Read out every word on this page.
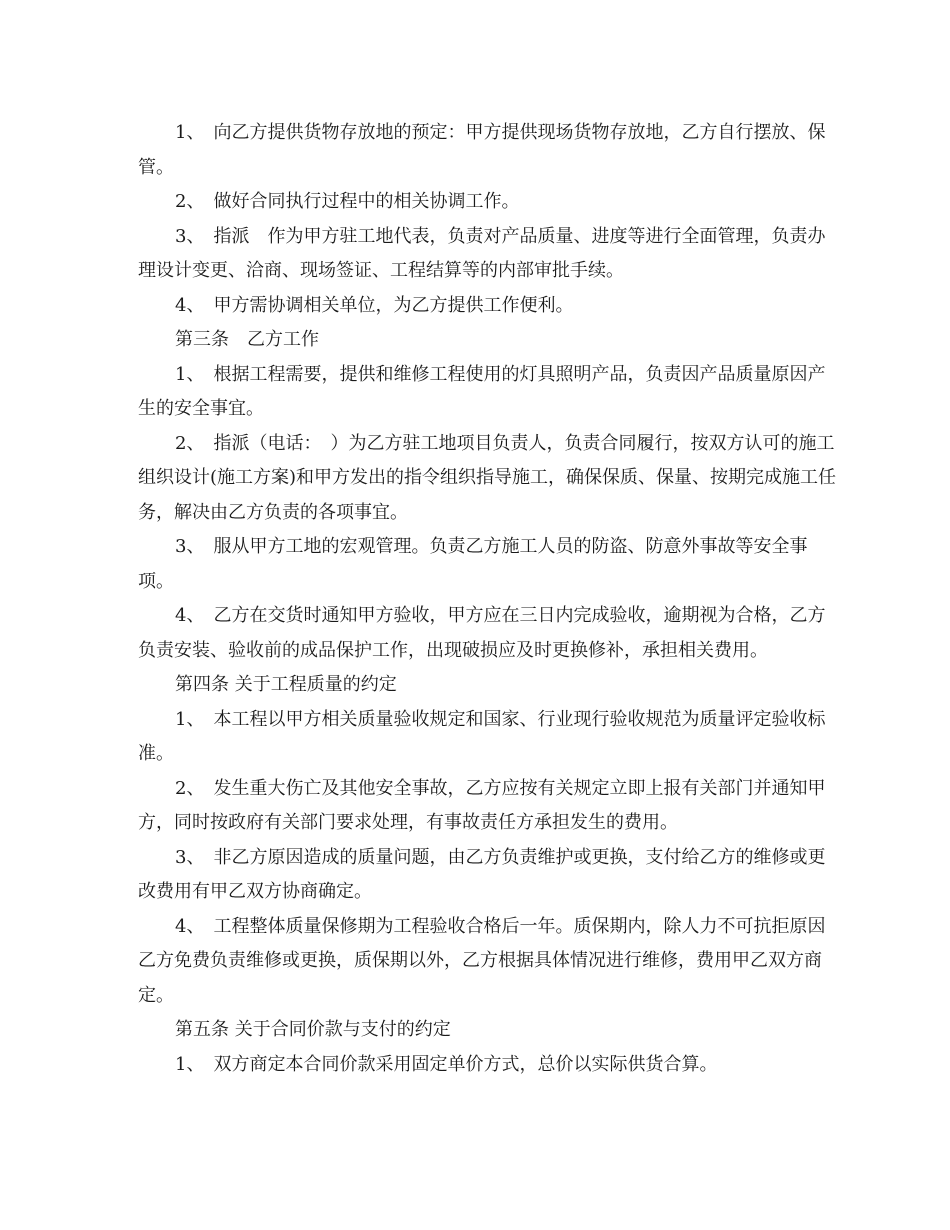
1、　向乙方提供货物存放地的预定：甲方提供现场货物存放地，乙方自行摆放、保管。

2、　做好合同执行过程中的相关协调工作。

3、　指派　作为甲方驻工地代表，负责对产品质量、进度等进行全面管理，负责办理设计变更、洽商、现场签证、工程结算等的内部审批手续。

4、　甲方需协调相关单位，为乙方提供工作便利。

第三条　乙方工作

1、　根据工程需要，提供和维修工程使用的灯具照明产品，负责因产品质量原因产生的安全事宜。

2、　指派（电话：　）为乙方驻工地项目负责人，负责合同履行，按双方认可的施工组织设计(施工方案)和甲方发出的指令组织指导施工，确保保质、保量、按期完成施工任务，解决由乙方负责的各项事宜。

3、　服从甲方工地的宏观管理。负责乙方施工人员的防盗、防意外事故等安全事项。

4、　乙方在交货时通知甲方验收，甲方应在三日内完成验收，逾期视为合格，乙方负责安装、验收前的成品保护工作，出现破损应及时更换修补，承担相关费用。

第四条 关于工程质量的约定

1、　本工程以甲方相关质量验收规定和国家、行业现行验收规范为质量评定验收标准。

2、　发生重大伤亡及其他安全事故，乙方应按有关规定立即上报有关部门并通知甲方，同时按政府有关部门要求处理，有事故责任方承担发生的费用。

3、　非乙方原因造成的质量问题，由乙方负责维护或更换，支付给乙方的维修或更改费用有甲乙双方协商确定。

4、　工程整体质量保修期为工程验收合格后一年。质保期内，除人力不可抗拒原因乙方免费负责维修或更换，质保期以外，乙方根据具体情况进行维修，费用甲乙双方商定。

第五条 关于合同价款与支付的约定

1、　双方商定本合同价款采用固定单价方式，总价以实际供货合算。
